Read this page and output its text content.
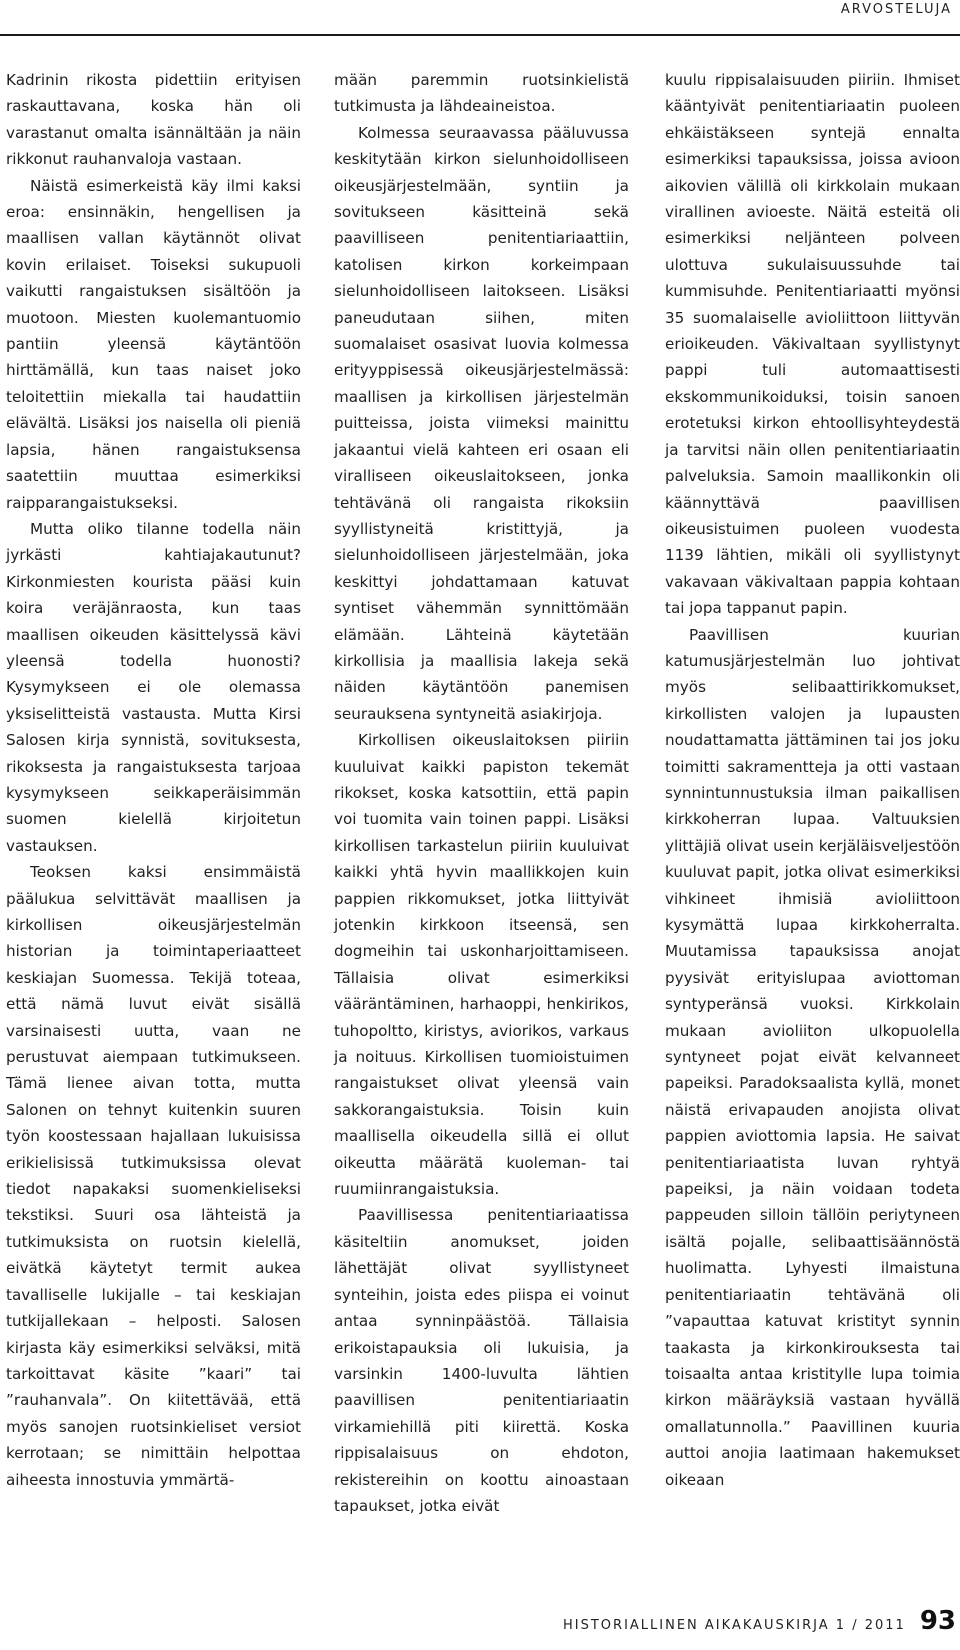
ARVOSTELUJA

Kadrinin rikosta pidettiin erityisen raskauttavana, koska hän oli varastanut omalta isännältään ja näin rikkonut rauhanvaloja vastaan.

Näistä esimerkeistä käy ilmi kaksi eroa: ensinnäkin, hengellisen ja maallisen vallan käytännöt olivat kovin erilaiset. Toiseksi sukupuoli vaikutti rangaistuksen sisältöön ja muotoon. Miesten kuolemantuomio pantiin yleensä käytäntöön hirttämällä, kun taas naiset joko teloitettiin miekalla tai haudattiin elävältä. Lisäksi jos naisella oli pieniä lapsia, hänen rangaistuksensa saatettiin muuttaa esimerkiksi raipparangaistukseksi.

Mutta oliko tilanne todella näin jyrkästi kahtiajakautunut? Kirkonmiesten kourista pääsi kuin koira veräjänraosta, kun taas maallisen oikeuden käsittelyssä kävi yleensä todella huonosti? Kysymykseen ei ole olemassa yksiselitteistä vastausta. Mutta Kirsi Salosen kirja synnistä, sovituksesta, rikoksesta ja rangaistuksesta tarjoaa kysymykseen seikkaperäisimmän suomen kielellä kirjoitetun vastauksen.

Teoksen kaksi ensimmäistä päälukua selvittävät maallisen ja kirkollisen oikeusjärjestelmän historian ja toimintaperiaatteet keskiajan Suomessa. Tekijä toteaa, että nämä luvut eivät sisällä varsinaisesti uutta, vaan ne perustuvat aiempaan tutkimukseen. Tämä lienee aivan totta, mutta Salonen on tehnyt kuitenkin suuren työn koostessaan hajallaan lukuisissa erikielisissä tutkimuksissa olevat tiedot napakaksi suomenkieliseksi tekstiksi. Suuri osa lähteistä ja tutkimuksista on ruotsin kielellä, eivätkä käytetyt termit aukea tavalliselle lukijalle – tai keskiajan tutkijallekaan – helposti. Salosen kirjasta käy esimerkiksi selväksi, mitä tarkoittavat käsite ”kaari” tai ”rauhanvala”. On kiitettävää, että myös sanojen ruotsinkieliset versiot kerrotaan; se nimittäin helpottaa aiheesta innostuvia ymmärtä-

mään paremmin ruotsinkielistä tutkimusta ja lähdeaineistoa.

Kolmessa seuraavassa pääluvussa keskitytään kirkon sielunhoidolliseen oikeusjärjestelmään, syntiin ja sovitukseen käsitteinä sekä paavilliseen penitentiariaattiin, katolisen kirkon korkeimpaan sielunhoidolliseen laitokseen. Lisäksi paneudutaan siihen, miten suomalaiset osasivat luovia kolmessa erityyppisessä oikeusjärjestelmässä: maallisen ja kirkollisen järjestelmän puitteissa, joista viimeksi mainittu jakaantui vielä kahteen eri osaan eli viralliseen oikeuslaitokseen, jonka tehtävänä oli rangaista rikoksiin syyllistyneitä kristittyjä, ja sielunhoidolliseen järjestelmään, joka keskittyi johdattamaan katuvat syntiset vähemmän synnittömään elämään. Lähteinä käytetään kirkollisia ja maallisia lakeja sekä näiden käytäntöön panemisen seurauksena syntyneitä asiakirjoja.

Kirkollisen oikeuslaitoksen piiriin kuuluivat kaikki papiston tekemät rikokset, koska katsottiin, että papin voi tuomita vain toinen pappi. Lisäksi kirkollisen tarkastelun piiriin kuuluivat kaikki yhtä hyvin maallikkojen kuin pappien rikkomukset, jotka liittyivät jotenkin kirkkoon itseensä, sen dogmeihin tai uskonharjoittamiseen. Tällaisia olivat esimerkiksi vääräntäminen, harhaoppi, henkirikos, tuhopoltto, kiristys, aviorikos, varkaus ja noituus. Kirkollisen tuomioistuimen rangaistukset olivat yleensä vain sakkorangaistuksia. Toisin kuin maallisella oikeudella sillä ei ollut oikeutta määrätä kuoleman- tai ruumiinrangaistuksia.

Paavillisessa penitentiariaatissa käsiteltiin anomukset, joiden lähettäjät olivat syyllistyneet synteihin, joista edes piispa ei voinut antaa synninpäästöä. Tällaisia erikoistapauksia oli lukuisia, ja varsinkin 1400-luvulta lähtien paavillisen penitentiariaatin virkamiehillä piti kiirettä. Koska rippisalaisuus on ehdoton, rekistereihin on koottu ainoastaan tapaukset, jotka eivät

kuulu rippisalaisuuden piiriin. Ihmiset kääntyivät penitentiariaatin puoleen ehkäistäkseen syntejä ennalta esimerkiksi tapauksissa, joissa avioon aikovien välillä oli kirkkolain mukaan virallinen avioeste. Näitä esteitä oli esimerkiksi neljänteen polveen ulottuva sukulaisuussuhde tai kummisuhde. Penitentiariaatti myönsi 35 suomalaiselle avioliittoon liittyvän erioikeuden. Väkivaltaan syyllistynyt pappi tuli automaattisesti ekskommunikoiduksi, toisin sanoen erotetuksi kirkon ehtoollisyhteydestä ja tarvitsi näin ollen penitentiariaatin palveluksia. Samoin maallikonkin oli käännyttävä paavillisen oikeusistuimen puoleen vuodesta 1139 lähtien, mikäli oli syyllistynyt vakavaan väkivaltaan pappia kohtaan tai jopa tappanut papin.

Paavillisen kuurian katumusjärjestelmän luo johtivat myös selibaattirikkomukset, kirkollisten valojen ja lupausten noudattamatta jättäminen tai jos joku toimitti sakramentteja ja otti vastaan synnintunnustuksia ilman paikallisen kirkkoherran lupaa. Valtuuksien ylittäjiä olivat usein kerjäläisveljestöön kuuluvat papit, jotka olivat esimerkiksi vihkineet ihmisiä avioliittoon kysymättä lupaa kirkkoherralta. Muutamissa tapauksissa anojat pyysivät erityislupaa aviottoman syntyperänsä vuoksi. Kirkkolain mukaan avioliiton ulkopuolella syntyneet pojat eivät kelvanneet papeiksi. Paradoksaalista kyllä, monet näistä erivapauden anojista olivat pappien aviottomia lapsia. He saivat penitentiariaatista luvan ryhtyä papeiksi, ja näin voidaan todeta pappeuden silloin tällöin periytyneen isältä pojalle, selibaattisäännöstä huolimatta. Lyhyesti ilmaistuna penitentiariaatin tehtävänä oli ”vapauttaa katuvat kristityt synnin taakasta ja kirkonkirouksesta tai toisaalta antaa kristitylle lupa toimia kirkon määräyksiä vastaan hyvällä omallatunnolla.” Paavillinen kuuria auttoi anojia laatimaan hakemukset oikeaan

HISTORIALLINEN AIKAKAUSKIRJA 1 / 2011 93
